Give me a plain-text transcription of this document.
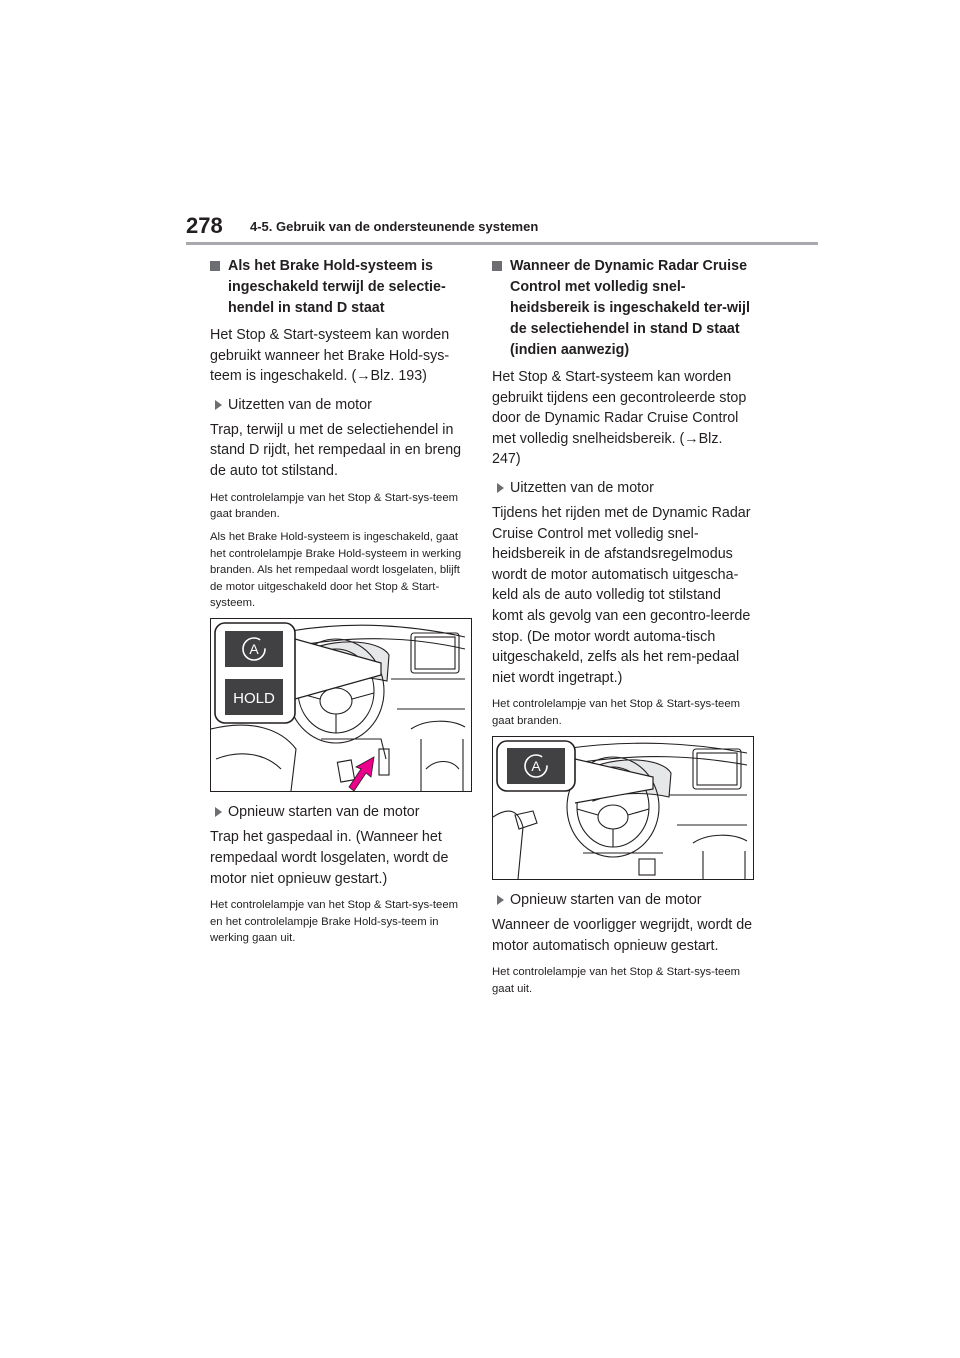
278 4-5. Gebruik van de ondersteunende systemen
Als het Brake Hold-systeem is ingeschakeld terwijl de selectie-hendel in stand D staat
Het Stop & Start-systeem kan worden gebruikt wanneer het Brake Hold-sys-teem is ingeschakeld. (→Blz. 193)
Uitzetten van de motor
Trap, terwijl u met de selectiehendel in stand D rijdt, het rempedaal in en breng de auto tot stilstand.
Het controlelampje van het Stop & Start-sys-teem gaat branden.
Als het Brake Hold-systeem is ingeschakeld, gaat het controlelampje Brake Hold-systeem in werking branden. Als het rempedaal wordt losgelaten, blijft de motor uitgeschakeld door het Stop & Start-systeem.
A
HOLD
Opnieuw starten van de motor
Trap het gaspedaal in. (Wanneer het rempedaal wordt losgelaten, wordt de motor niet opnieuw gestart.)
Het controlelampje van het Stop & Start-sys-teem en het controlelampje Brake Hold-sys-teem in werking gaan uit.
Wanneer de Dynamic Radar Cruise Control met volledig snel-heidsbereik is ingeschakeld ter-wijl de selectiehendel in stand D staat (indien aanwezig)
Het Stop & Start-systeem kan worden gebruikt tijdens een gecontroleerde stop door de Dynamic Radar Cruise Control met volledig snelheidsbereik. (→Blz. 247)
Uitzetten van de motor
Tijdens het rijden met de Dynamic Radar Cruise Control met volledig snel-heidsbereik in de afstandsregelmodus wordt de motor automatisch uitgescha-keld als de auto volledig tot stilstand komt als gevolg van een gecontro-leerde stop. (De motor wordt automa-tisch uitgeschakeld, zelfs als het rem-pedaal niet wordt ingetrapt.)
Het controlelampje van het Stop & Start-sys-teem gaat branden.
A
Opnieuw starten van de motor
Wanneer de voorligger wegrijdt, wordt de motor automatisch opnieuw gestart.
Het controlelampje van het Stop & Start-sys-teem gaat uit.
